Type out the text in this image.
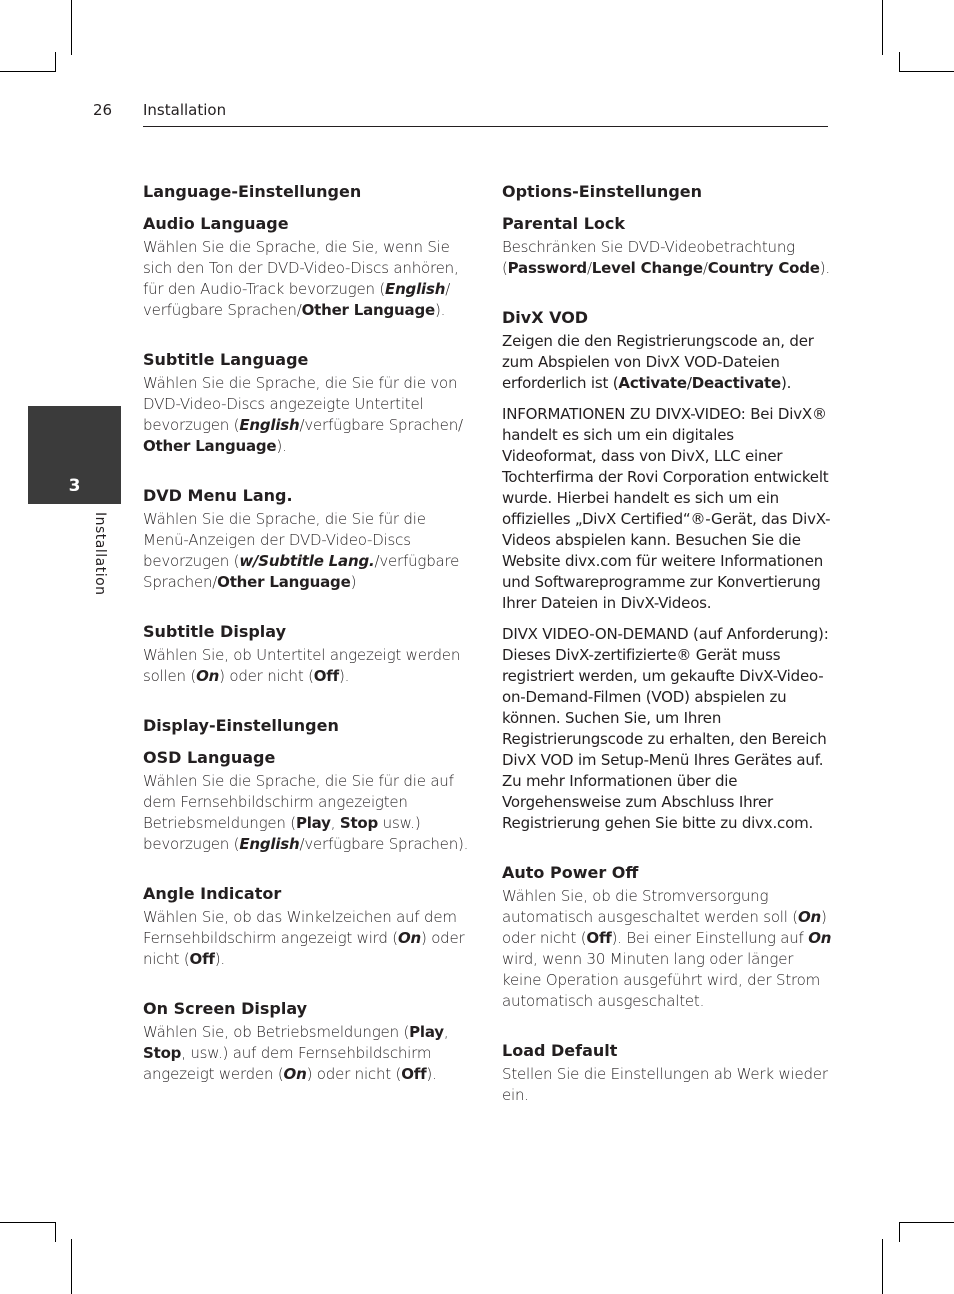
26 Installation
3
Installation
Language-Einstellungen
Audio Language

Wählen Sie die Sprache, die Sie, wenn Sie sich den Ton der DVD-Video-Discs anhören, für den Audio-Track bevorzugen (English/ verfügbare Sprachen/Other Language).

Subtitle Language

Wählen Sie die Sprache, die Sie für die von DVD-Video-Discs angezeigte Untertitel bevorzugen (English/verfügbare Sprachen/ Other Language).

DVD Menu Lang.

Wählen Sie die Sprache, die Sie für die Menü-Anzeigen der DVD-Video-Discs bevorzugen (w/Subtitle Lang./verfügbare Sprachen/Other Language)

Subtitle Display

Wählen Sie, ob Untertitel angezeigt werden sollen (On) oder nicht (Off).

Display-Einstellungen
OSD Language

Wählen Sie die Sprache, die Sie für die auf dem Fernsehbildschirm angezeigten Betriebsmeldungen (Play, Stop usw.) bevorzugen (English/verfügbare Sprachen).

Angle Indicator

Wählen Sie, ob das Winkelzeichen auf dem Fernsehbildschirm angezeigt wird (On) oder nicht (Off).

On Screen Display

Wählen Sie, ob Betriebsmeldungen (Play, Stop, usw.) auf dem Fernsehbildschirm angezeigt werden (On) oder nicht (Off).

Options-Einstellungen
Parental Lock

Beschränken Sie DVD-Videobetrachtung (Password/Level Change/Country Code).

DivX VOD

Zeigen die den Registrierungscode an, der zum Abspielen von DivX VOD-Dateien erforderlich ist (Activate/Deactivate).

INFORMATIONEN ZU DIVX-VIDEO: Bei DivX® handelt es sich um ein digitales Videoformat, dass von DivX, LLC einer Tochterfirma der Rovi Corporation entwickelt wurde. Hierbei handelt es sich um ein offizielles „DivX Certified“®-Gerät, das DivX-Videos abspielen kann. Besuchen Sie die Website divx.com für weitere Informationen und Softwareprogramme zur Konvertierung Ihrer Dateien in DivX-Videos.

DIVX VIDEO-ON-DEMAND (auf Anforderung): Dieses DivX-zertifizierte® Gerät muss registriert werden, um gekaufte DivX-Video-on-Demand-Filmen (VOD) abspielen zu können. Suchen Sie, um Ihren Registrierungscode zu erhalten, den Bereich DivX VOD im Setup-Menü Ihres Gerätes auf. Zu mehr Informationen über die Vorgehensweise zum Abschluss Ihrer Registrierung gehen Sie bitte zu divx.com.

Auto Power Off

Wählen Sie, ob die Stromversorgung automatisch ausgeschaltet werden soll (On) oder nicht (Off). Bei einer Einstellung auf On wird, wenn 30 Minuten lang oder länger keine Operation ausgeführt wird, der Strom automatisch ausgeschaltet.

Load Default

Stellen Sie die Einstellungen ab Werk wieder ein.
